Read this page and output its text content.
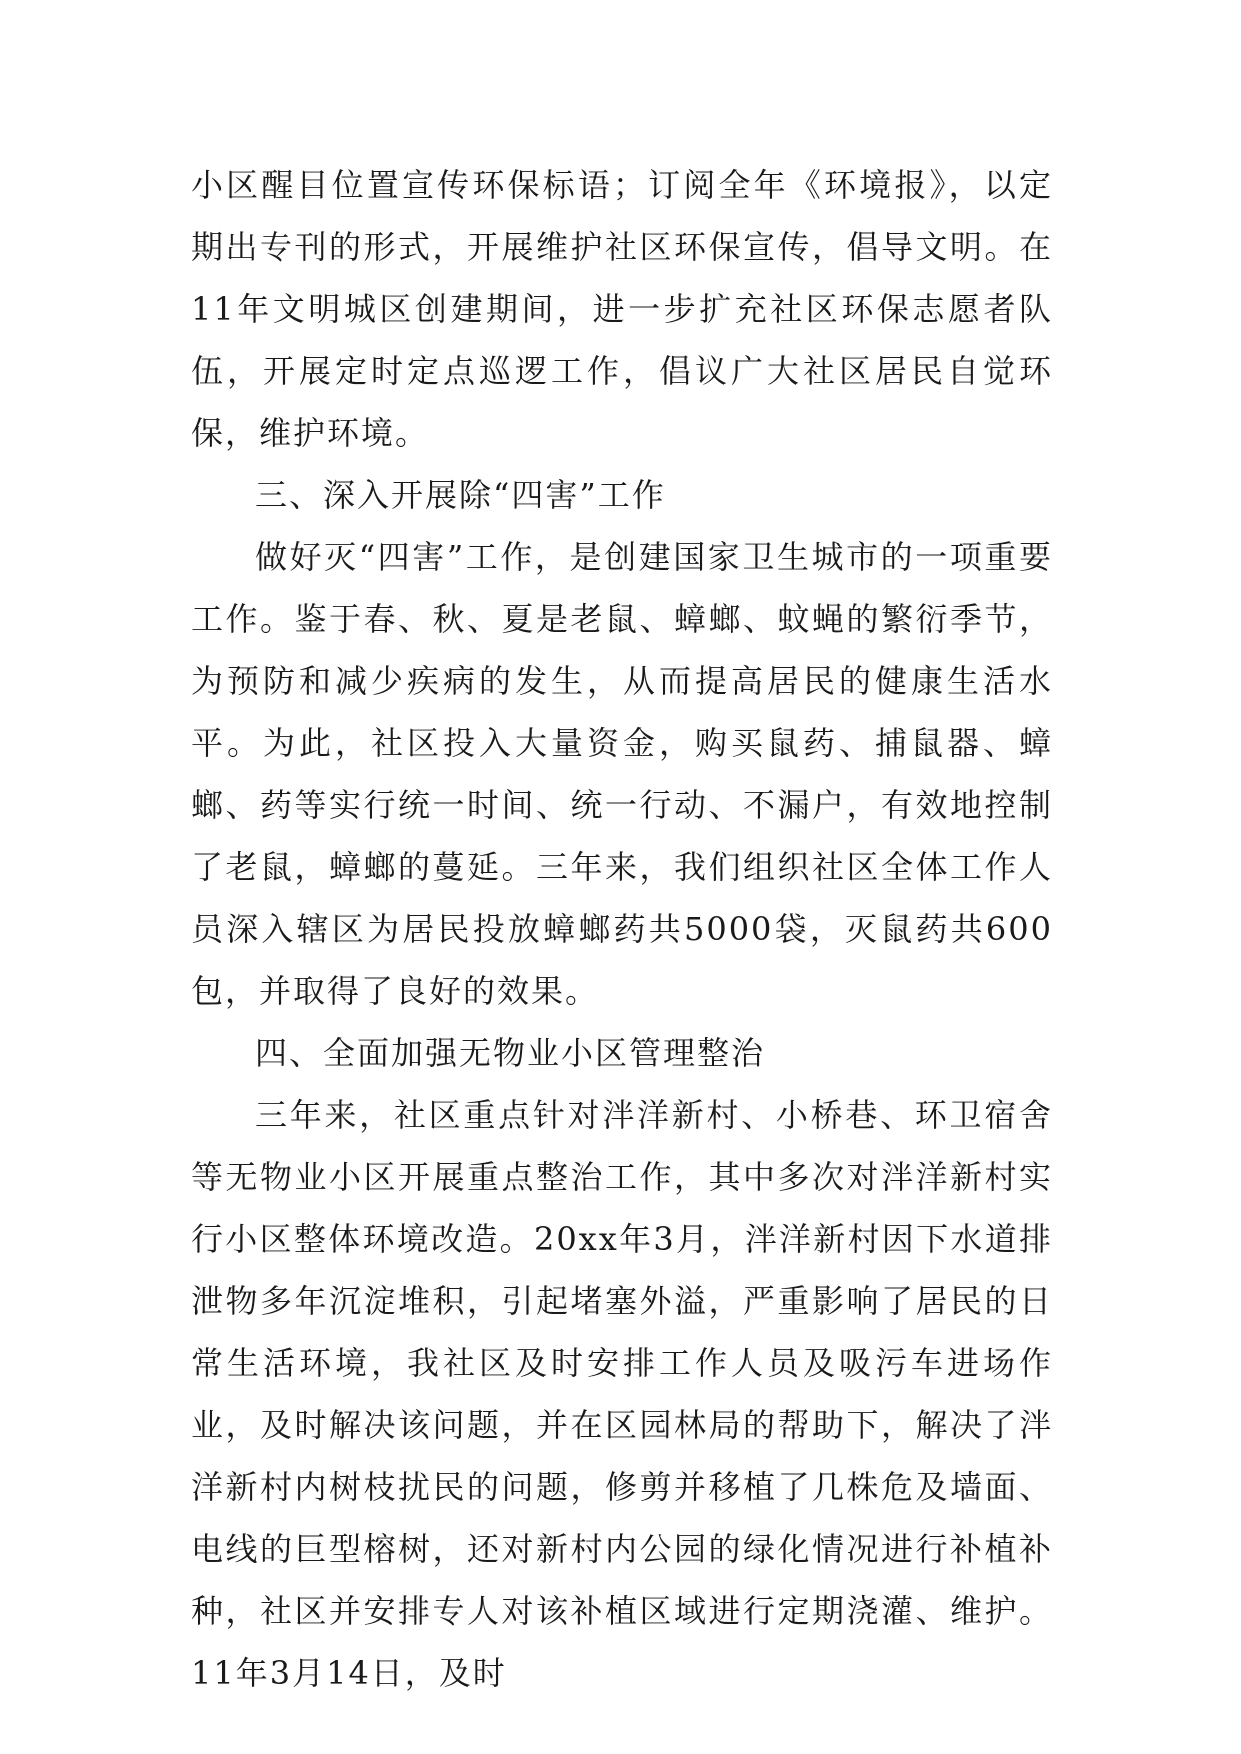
小区醒目位置宣传环保标语；订阅全年《环境报》，以定期出专刊的形式，开展维护社区环保宣传，倡导文明。在11年文明城区创建期间，进一步扩充社区环保志愿者队伍，开展定时定点巡逻工作，倡议广大社区居民自觉环保，维护环境。

三、深入开展除“四害”工作

做好灭“四害”工作，是创建国家卫生城市的一项重要工作。鉴于春、秋、夏是老鼠、蟑螂、蚊蝇的繁衍季节，为预防和减少疾病的发生，从而提高居民的健康生活水平。为此，社区投入大量资金，购买鼠药、捕鼠器、蟑螂、药等实行统一时间、统一行动、不漏户，有效地控制了老鼠，蟑螂的蔓延。三年来，我们组织社区全体工作人员深入辖区为居民投放蟑螂药共5000袋，灭鼠药共600包，并取得了良好的效果。

四、全面加强无物业小区管理整治

三年来，社区重点针对泮洋新村、小桥巷、环卫宿舍等无物业小区开展重点整治工作，其中多次对泮洋新村实行小区整体环境改造。20xx年3月，泮洋新村因下水道排泄物多年沉淀堆积，引起堵塞外溢，严重影响了居民的日常生活环境，我社区及时安排工作人员及吸污车进场作业，及时解决该问题，并在区园林局的帮助下，解决了泮洋新村内树枝扰民的问题，修剪并移植了几株危及墙面、电线的巨型榕树，还对新村内公园的绿化情况进行补植补种，社区并安排专人对该补植区域进行定期浇灌、维护。11年3月14日，及时
